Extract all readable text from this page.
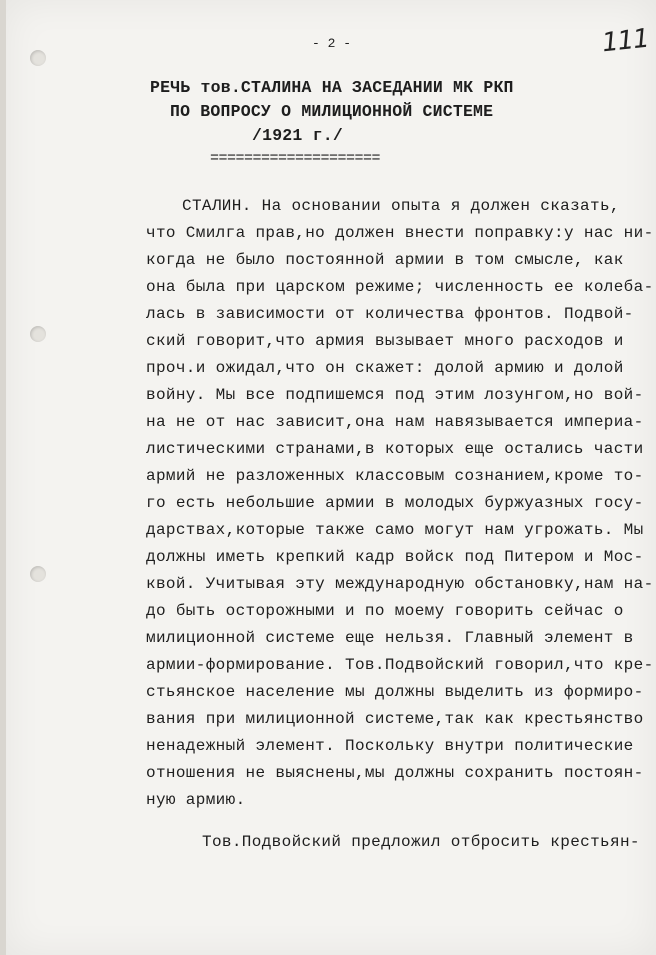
111
- 2 -
РЕЧЬ тов.СТАЛИНА НА ЗАСЕДАНИИ МК РКП
ПО ВОПРОСУ О МИЛИЦИОННОЙ СИСТЕМЕ
/1921 г./
====================
СТАЛИН. На основании опыта я должен сказать,
что Смилга прав,но должен внести поправку:у нас ни-
когда не было постоянной армии в том смысле, как
она была при царском режиме; численность ее колеба-
лась в зависимости от количества фронтов. Подвой-
ский говорит,что армия вызывает много расходов и
проч.и ожидал,что он скажет: долой армию и долой
войну. Мы все подпишемся под этим лозунгом,но вой-
на не от нас зависит,она нам навязывается империа-
листическими странами,в которых еще остались части
армий не разложенных классовым сознанием,кроме то-
го есть небольшие армии в молодых буржуазных госу-
дарствах,которые также само могут нам угрожать. Мы
должны иметь крепкий кадр войск под Питером и Мос-
квой. Учитывая эту международную обстановку,нам на-
до быть осторожными и по моему говорить сейчас о
милиционной системе еще нельзя. Главный элемент в
армии-формирование. Тов.Подвойский говорил,что кре-
стьянское население мы должны выделить из формиро-
вания при милиционной системе,так как крестьянство
ненадежный элемент. Поскольку внутри политические
отношения не выяснены,мы должны сохранить постоян-
ную армию.
Тов.Подвойский предложил отбросить крестьян-
